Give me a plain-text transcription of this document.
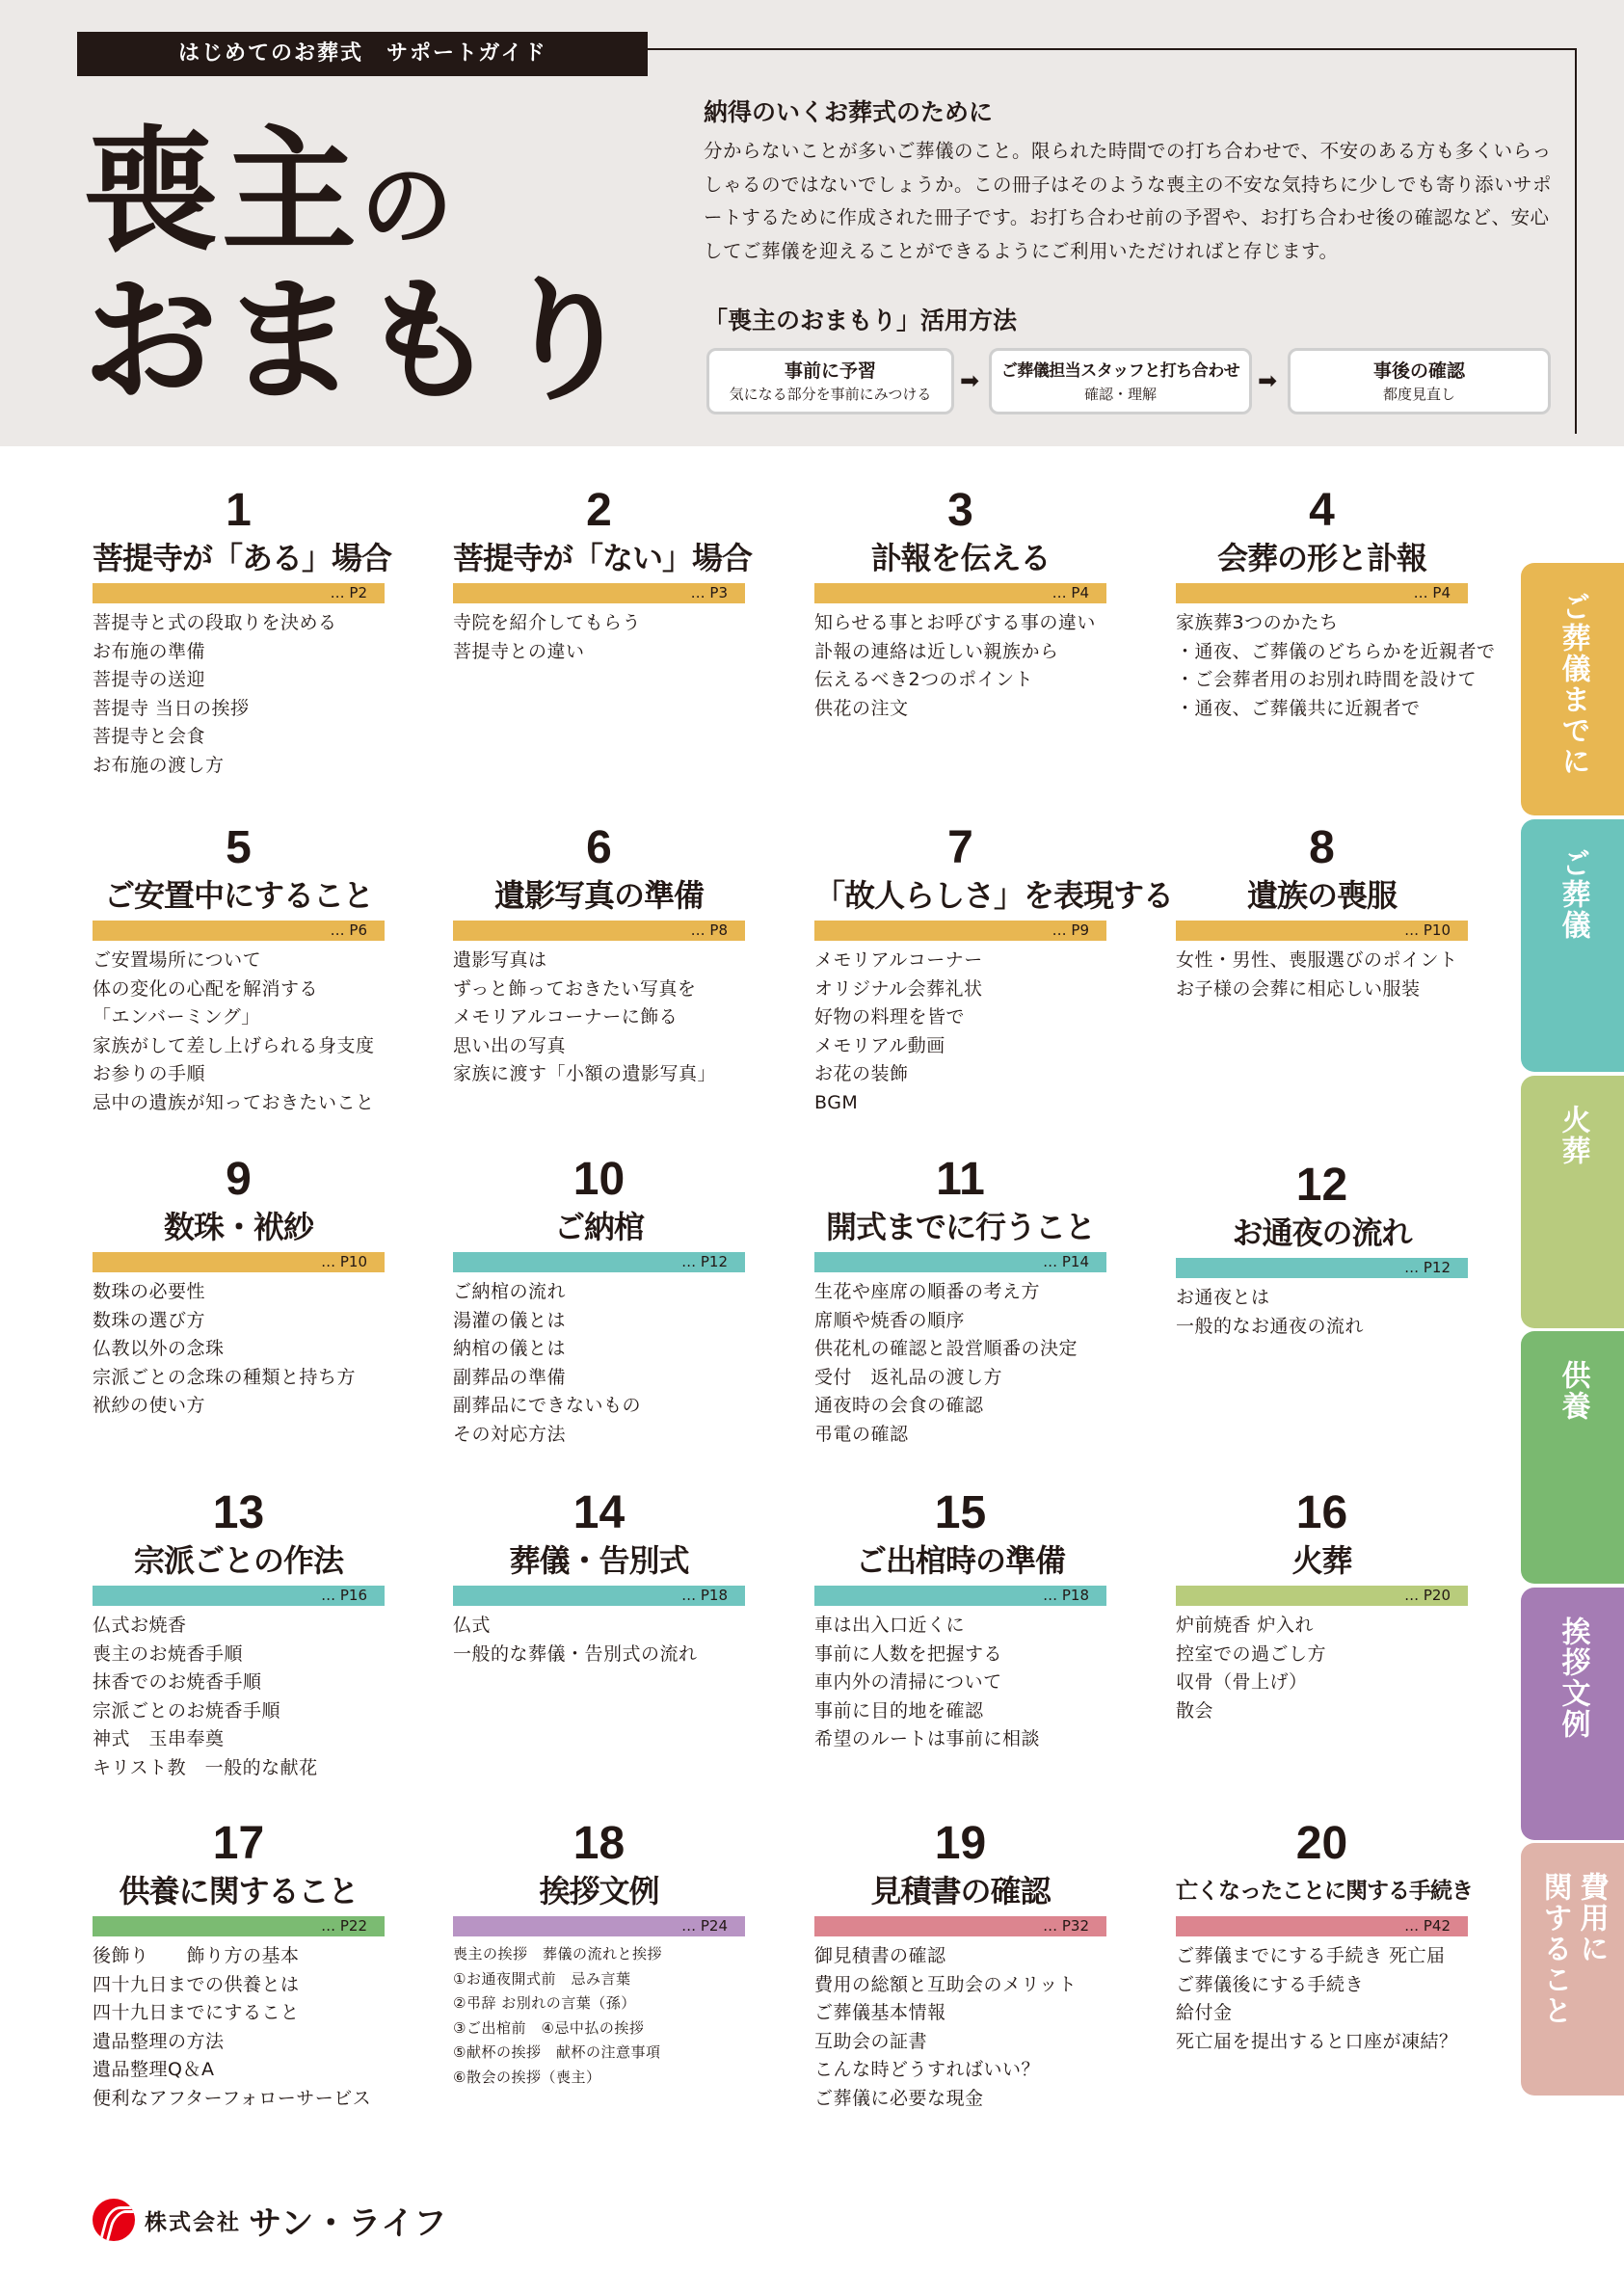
はじめてのお葬式　サポートガイド
喪主の
おまもり
納得のいくお葬式のために
分からないことが多いご葬儀のこと。限られた時間での打ち合わせで、不安のある方も多くいらっしゃるのではないでしょうか。この冊子はそのような喪主の不安な気持ちに少しでも寄り添いサポートするために作成された冊子です。お打ち合わせ前の予習や、お打ち合わせ後の確認など、安心してご葬儀を迎えることができるようにご利用いただければと存じます。
「喪主のおまもり」活用方法
事前に予習
気になる部分を事前にみつける	➡	ご葬儀担当スタッフと打ち合わせ
確認・理解	➡	事後の確認
都度見直し
1
菩提寺が「ある」場合
… P2
菩提寺と式の段取りを決める
お布施の準備
菩提寺の送迎
菩提寺 当日の挨拶
菩提寺と会食
お布施の渡し方
2
菩提寺が「ない」場合
… P3
寺院を紹介してもらう
菩提寺との違い
3
訃報を伝える
… P4
知らせる事とお呼びする事の違い
訃報の連絡は近しい親族から
伝えるべき2つのポイント
供花の注文
4
会葬の形と訃報
… P4
家族葬3つのかたち
・通夜、ご葬儀のどちらかを近親者で
・ご会葬者用のお別れ時間を設けて
・通夜、ご葬儀共に近親者で
5
ご安置中にすること
… P6
ご安置場所について
体の変化の心配を解消する
「エンバーミング」
家族がして差し上げられる身支度
お参りの手順
忌中の遺族が知っておきたいこと
6
遺影写真の準備
… P8
遺影写真は
ずっと飾っておきたい写真を
メモリアルコーナーに飾る
思い出の写真
家族に渡す「小額の遺影写真」
7
「故人らしさ」を表現する
… P9
メモリアルコーナー
オリジナル会葬礼状
好物の料理を皆で
メモリアル動画
お花の装飾
BGM
8
遺族の喪服
… P10
女性・男性、喪服選びのポイント
お子様の会葬に相応しい服装
9
数珠・袱紗
… P10
数珠の必要性
数珠の選び方
仏教以外の念珠
宗派ごとの念珠の種類と持ち方
袱紗の使い方
10
ご納棺
… P12
ご納棺の流れ
湯灌の儀とは
納棺の儀とは
副葬品の準備
副葬品にできないもの
その対応方法
11
開式までに行うこと
… P14
生花や座席の順番の考え方
席順や焼香の順序
供花札の確認と設営順番の決定
受付　返礼品の渡し方
通夜時の会食の確認
弔電の確認
12
お通夜の流れ
… P12
お通夜とは
一般的なお通夜の流れ
13
宗派ごとの作法
… P16
仏式お焼香
喪主のお焼香手順
抹香でのお焼香手順
宗派ごとのお焼香手順
神式　玉串奉奠
キリスト教　一般的な献花
14
葬儀・告別式
… P18
仏式
一般的な葬儀・告別式の流れ
15
ご出棺時の準備
… P18
車は出入口近くに
事前に人数を把握する
車内外の清掃について
事前に目的地を確認
希望のルートは事前に相談
16
火葬
… P20
炉前焼香 炉入れ
控室での過ごし方
収骨（骨上げ）
散会
17
供養に関すること
… P22
後飾り　　飾り方の基本
四十九日までの供養とは
四十九日までにすること
遺品整理の方法
遺品整理Q＆A
便利なアフターフォローサービス
18
挨拶文例
… P24
喪主の挨拶　葬儀の流れと挨拶
①お通夜開式前　忌み言葉
②弔辞 お別れの言葉（孫）
③ご出棺前　④忌中払の挨拶
⑤献杯の挨拶　献杯の注意事項
⑥散会の挨拶（喪主）
19
見積書の確認
… P32
御見積書の確認
費用の総額と互助会のメリット
ご葬儀基本情報
互助会の証書
こんな時どうすればいい？
ご葬儀に必要な現金
20
亡くなったことに関する手続き
… P42
ご葬儀までにする手続き 死亡届
ご葬儀後にする手続き
給付金
死亡届を提出すると口座が凍結？
ご葬儀までに
ご葬儀
火葬
供養
挨拶文例
費用に
関すること
株式会社 サン・ライフ
